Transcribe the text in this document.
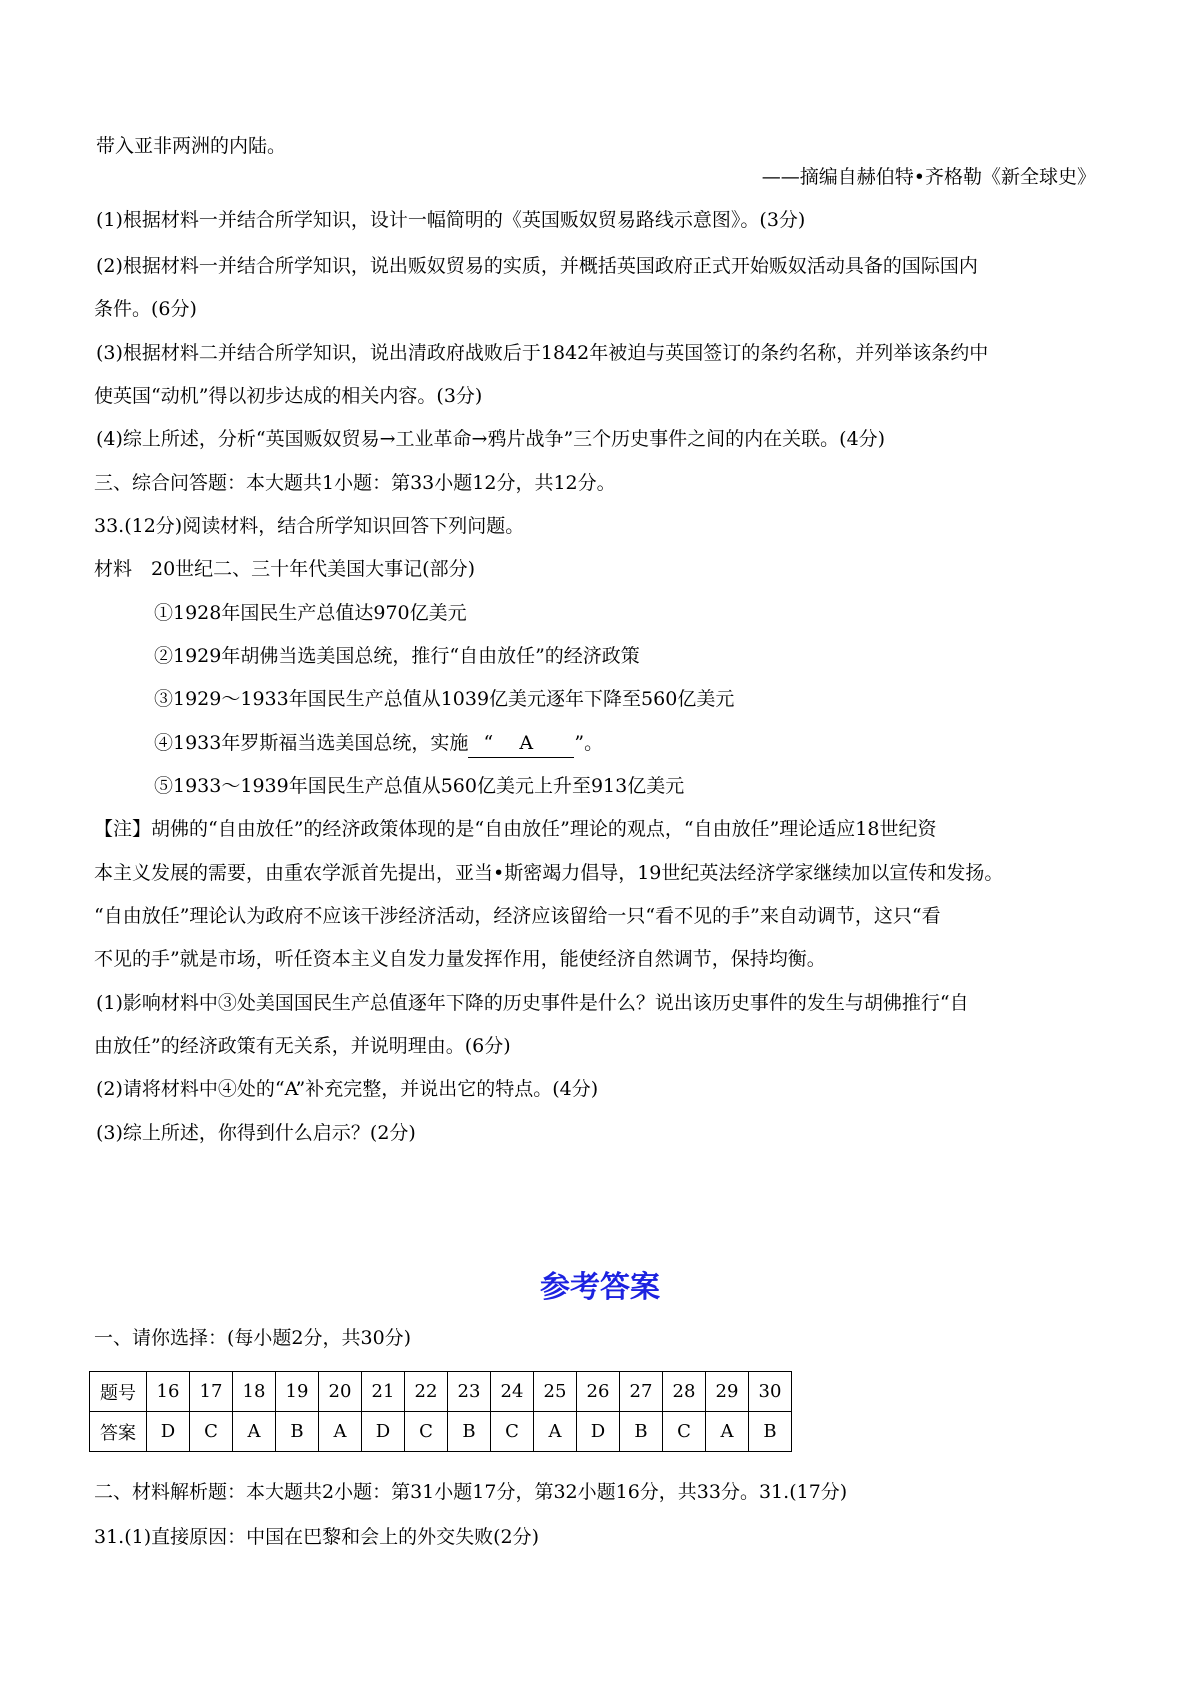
带入亚非两洲的内陆。
——摘编自赫伯特•齐格勒《新全球史》
(1)根据材料一并结合所学知识，设计一幅简明的《英国贩奴贸易路线示意图》。(3分)
(2)根据材料一并结合所学知识，说出贩奴贸易的实质，并概括英国政府正式开始贩奴活动具备的国际国内
条件。(6分)
(3)根据材料二并结合所学知识，说出清政府战败后于1842年被迫与英国签订的条约名称，并列举该条约中
使英国“动机”得以初步达成的相关内容。(3分)
(4)综上所述，分析“英国贩奴贸易→工业革命→鸦片战争”三个历史事件之间的内在关联。(4分)
三、综合问答题：本大题共1小题：第33小题12分，共12分。
33.(12分)阅读材料，结合所学知识回答下列问题。
材料　20世纪二、三十年代美国大事记(部分)
①1928年国民生产总值达970亿美元
②1929年胡佛当选美国总统，推行“自由放任”的经济政策
③1929～1933年国民生产总值从1039亿美元逐年下降至560亿美元
④1933年罗斯福当选美国总统，实施 “ A ”。
⑤1933～1939年国民生产总值从560亿美元上升至913亿美元
【注】胡佛的“自由放任”的经济政策体现的是“自由放任”理论的观点，“自由放任”理论适应18世纪资
本主义发展的需要，由重农学派首先提出，亚当•斯密竭力倡导，19世纪英法经济学家继续加以宣传和发扬。
“自由放任”理论认为政府不应该干涉经济活动，经济应该留给一只“看不见的手”来自动调节，这只“看
不见的手”就是市场，听任资本主义自发力量发挥作用，能使经济自然调节，保持均衡。
(1)影响材料中③处美国国民生产总值逐年下降的历史事件是什么？说出该历史事件的发生与胡佛推行“自
由放任”的经济政策有无关系，并说明理由。(6分)
(2)请将材料中④处的“A”补充完整，并说出它的特点。(4分)
(3)综上所述，你得到什么启示？(2分)
参考答案
一、请你选择：(每小题2分，共30分)
题号	16	17	18	19	20	21	22	23	24	25	26	27	28	29	30
答案	D	C	A	B	A	D	C	B	C	A	D	B	C	A	B
二、材料解析题：本大题共2小题：第31小题17分，第32小题16分，共33分。31.(17分)
31.(1)直接原因：中国在巴黎和会上的外交失败(2分)
